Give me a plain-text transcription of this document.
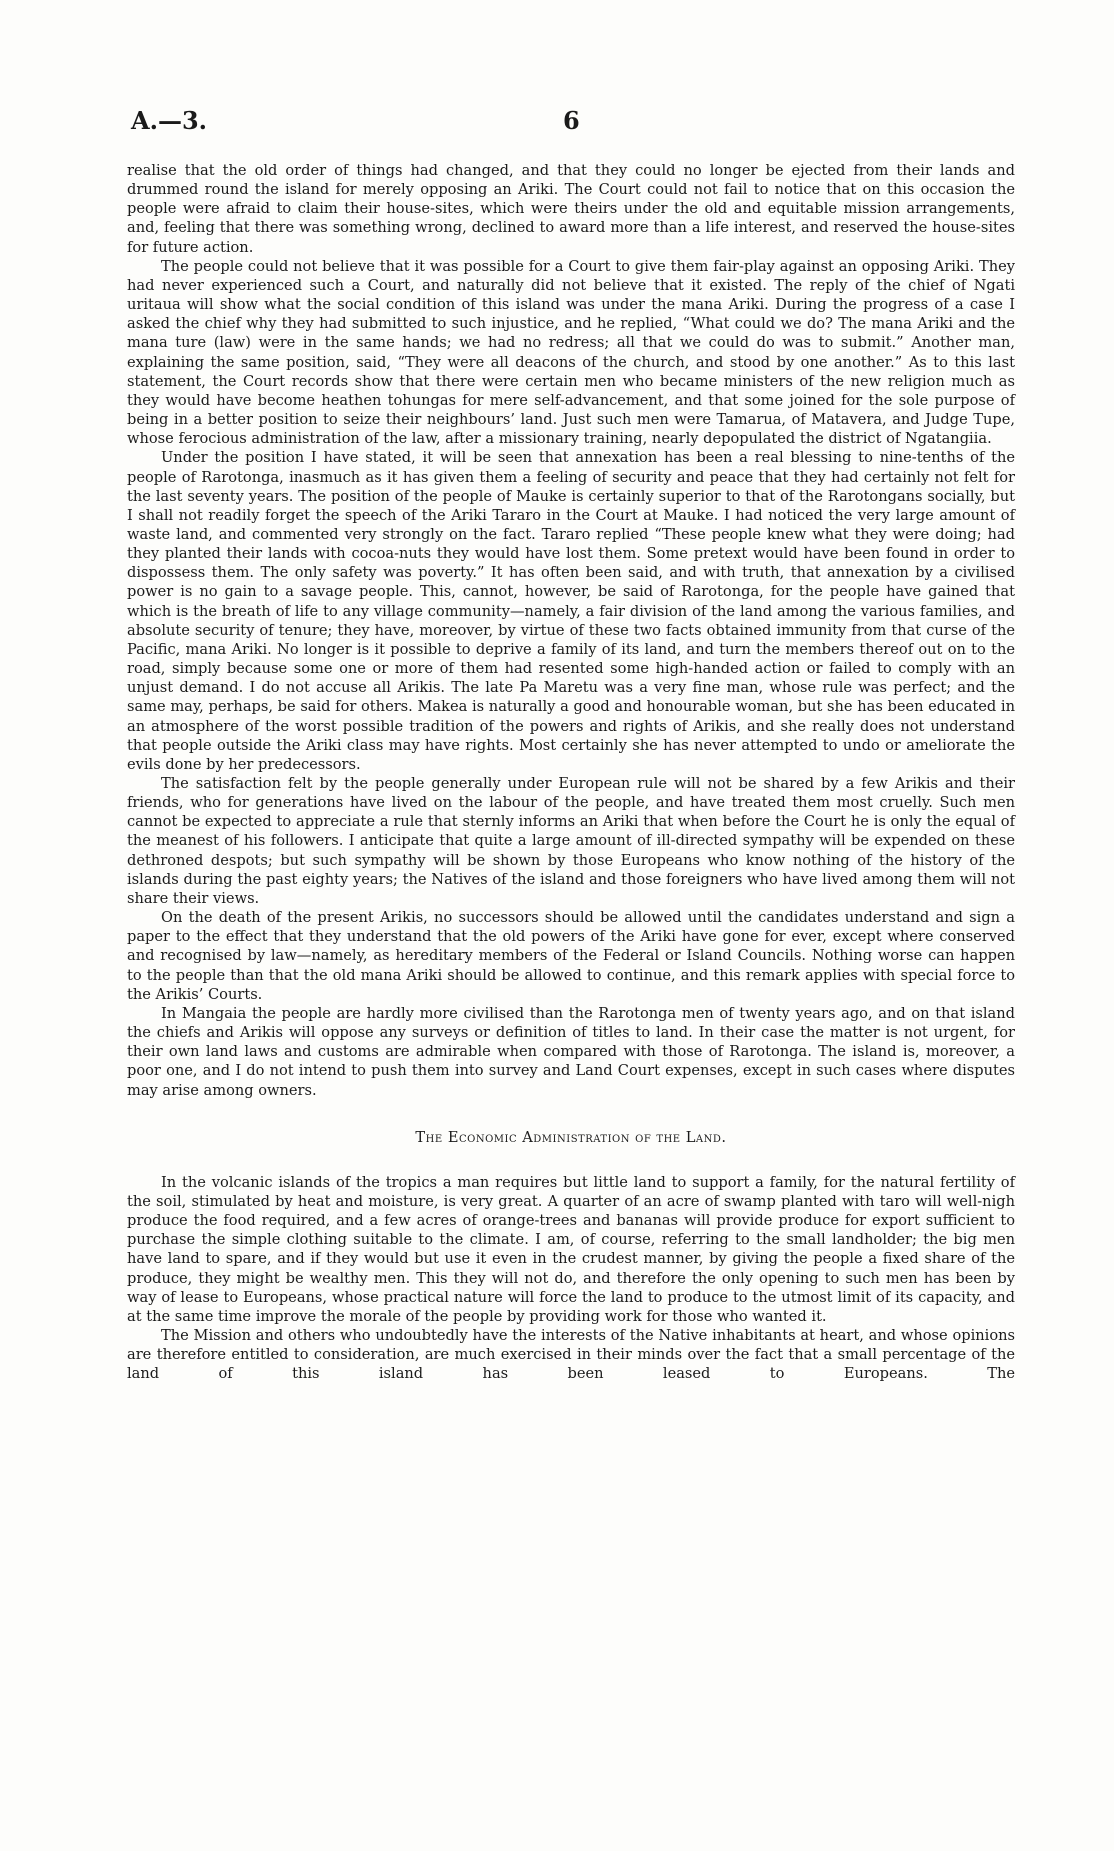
A.—3.	6

realise that the old order of things had changed, and that they could no longer be ejected from their lands and drummed round the island for merely opposing an Ariki. The Court could not fail to notice that on this occasion the people were afraid to claim their house-sites, which were theirs under the old and equitable mission arrangements, and, feeling that there was something wrong, declined to award more than a life interest, and reserved the house-sites for future action.

The people could not believe that it was possible for a Court to give them fair-play against an opposing Ariki. They had never experienced such a Court, and naturally did not believe that it existed. The reply of the chief of Ngati uritaua will show what the social condition of this island was under the mana Ariki. During the progress of a case I asked the chief why they had submitted to such injustice, and he replied, “What could we do? The mana Ariki and the mana ture (law) were in the same hands; we had no redress; all that we could do was to submit.” Another man, explaining the same position, said, “They were all deacons of the church, and stood by one another.” As to this last statement, the Court records show that there were certain men who became ministers of the new religion much as they would have become heathen tohungas for mere self-advancement, and that some joined for the sole purpose of being in a better position to seize their neighbours’ land. Just such men were Tamarua, of Matavera, and Judge Tupe, whose ferocious administration of the law, after a missionary training, nearly depopulated the district of Ngatangiia.

Under the position I have stated, it will be seen that annexation has been a real blessing to nine-tenths of the people of Rarotonga, inasmuch as it has given them a feeling of security and peace that they had certainly not felt for the last seventy years. The position of the people of Mauke is certainly superior to that of the Rarotongans socially, but I shall not readily forget the speech of the Ariki Tararo in the Court at Mauke. I had noticed the very large amount of waste land, and commented very strongly on the fact. Tararo replied “These people knew what they were doing; had they planted their lands with cocoa-nuts they would have lost them. Some pretext would have been found in order to dispossess them. The only safety was poverty.” It has often been said, and with truth, that annexation by a civilised power is no gain to a savage people. This, cannot, however, be said of Rarotonga, for the people have gained that which is the breath of life to any village community—namely, a fair division of the land among the various families, and absolute security of tenure; they have, moreover, by virtue of these two facts obtained immunity from that curse of the Pacific, mana Ariki. No longer is it possible to deprive a family of its land, and turn the members thereof out on to the road, simply because some one or more of them had resented some high-handed action or failed to comply with an unjust demand. I do not accuse all Arikis. The late Pa Maretu was a very fine man, whose rule was perfect; and the same may, perhaps, be said for others. Makea is naturally a good and honourable woman, but she has been educated in an atmosphere of the worst possible tradition of the powers and rights of Arikis, and she really does not understand that people outside the Ariki class may have rights. Most certainly she has never attempted to undo or ameliorate the evils done by her predecessors.

The satisfaction felt by the people generally under European rule will not be shared by a few Arikis and their friends, who for generations have lived on the labour of the people, and have treated them most cruelly. Such men cannot be expected to appreciate a rule that sternly informs an Ariki that when before the Court he is only the equal of the meanest of his followers. I anticipate that quite a large amount of ill-directed sympathy will be expended on these dethroned despots; but such sympathy will be shown by those Europeans who know nothing of the history of the islands during the past eighty years; the Natives of the island and those foreigners who have lived among them will not share their views.

On the death of the present Arikis, no successors should be allowed until the candidates understand and sign a paper to the effect that they understand that the old powers of the Ariki have gone for ever, except where conserved and recognised by law—namely, as hereditary members of the Federal or Island Councils. Nothing worse can happen to the people than that the old mana Ariki should be allowed to continue, and this remark applies with special force to the Arikis’ Courts.

In Mangaia the people are hardly more civilised than the Rarotonga men of twenty years ago, and on that island the chiefs and Arikis will oppose any surveys or definition of titles to land. In their case the matter is not urgent, for their own land laws and customs are admirable when compared with those of Rarotonga. The island is, moreover, a poor one, and I do not intend to push them into survey and Land Court expenses, except in such cases where disputes may arise among owners.

The Economic Administration of the Land.

In the volcanic islands of the tropics a man requires but little land to support a family, for the natural fertility of the soil, stimulated by heat and moisture, is very great. A quarter of an acre of swamp planted with taro will well-nigh produce the food required, and a few acres of orange-trees and bananas will provide produce for export sufficient to purchase the simple clothing suitable to the climate. I am, of course, referring to the small landholder; the big men have land to spare, and if they would but use it even in the crudest manner, by giving the people a fixed share of the produce, they might be wealthy men. This they will not do, and therefore the only opening to such men has been by way of lease to Europeans, whose practical nature will force the land to produce to the utmost limit of its capacity, and at the same time improve the morale of the people by providing work for those who wanted it.

The Mission and others who undoubtedly have the interests of the Native inhabitants at heart, and whose opinions are therefore entitled to consideration, are much exercised in their minds over the fact that a small percentage of the land of this island has been leased to Europeans. The
